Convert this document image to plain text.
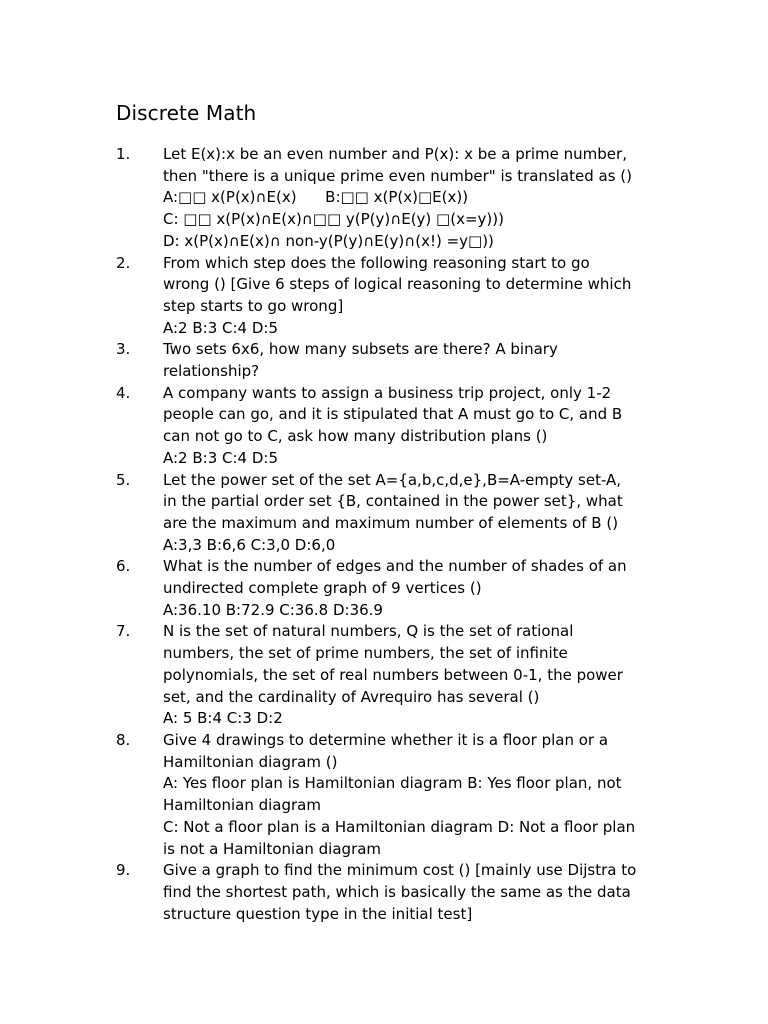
Discrete Math
1.	Let E(x):x be an even number and P(x): x be a prime number,
then "there is a unique prime even number" is translated as ()
A:□□ x(P(x)∩E(x)      B:□□ x(P(x)□E(x))
C: □□ x(P(x)∩E(x)∩□□ y(P(y)∩E(y) □(x=y)))
D: x(P(x)∩E(x)∩ non-y(P(y)∩E(y)∩(x!) =y□))
2.	From which step does the following reasoning start to go
wrong () [Give 6 steps of logical reasoning to determine which
step starts to go wrong]
A:2 B:3 C:4 D:5
3.	Two sets 6x6, how many subsets are there? A binary
relationship?
4.	A company wants to assign a business trip project, only 1-2
people can go, and it is stipulated that A must go to C, and B
can not go to C, ask how many distribution plans ()
A:2 B:3 C:4 D:5
5.	Let the power set of the set A={a,b,c,d,e},B=A-empty set-A,
in the partial order set {B, contained in the power set}, what
are the maximum and maximum number of elements of B ()
A:3,3 B:6,6 C:3,0 D:6,0
6.	What is the number of edges and the number of shades of an
undirected complete graph of 9 vertices ()
A:36.10 B:72.9 C:36.8 D:36.9
7.	N is the set of natural numbers, Q is the set of rational
numbers, the set of prime numbers, the set of infinite
polynomials, the set of real numbers between 0-1, the power
set, and the cardinality of Avrequiro has several ()
A: 5 B:4 C:3 D:2
8.	Give 4 drawings to determine whether it is a floor plan or a
Hamiltonian diagram ()
A: Yes floor plan is Hamiltonian diagram B: Yes floor plan, not
Hamiltonian diagram
C: Not a floor plan is a Hamiltonian diagram D: Not a floor plan
is not a Hamiltonian diagram
9.	Give a graph to find the minimum cost () [mainly use Dijstra to
find the shortest path, which is basically the same as the data
structure question type in the initial test]
